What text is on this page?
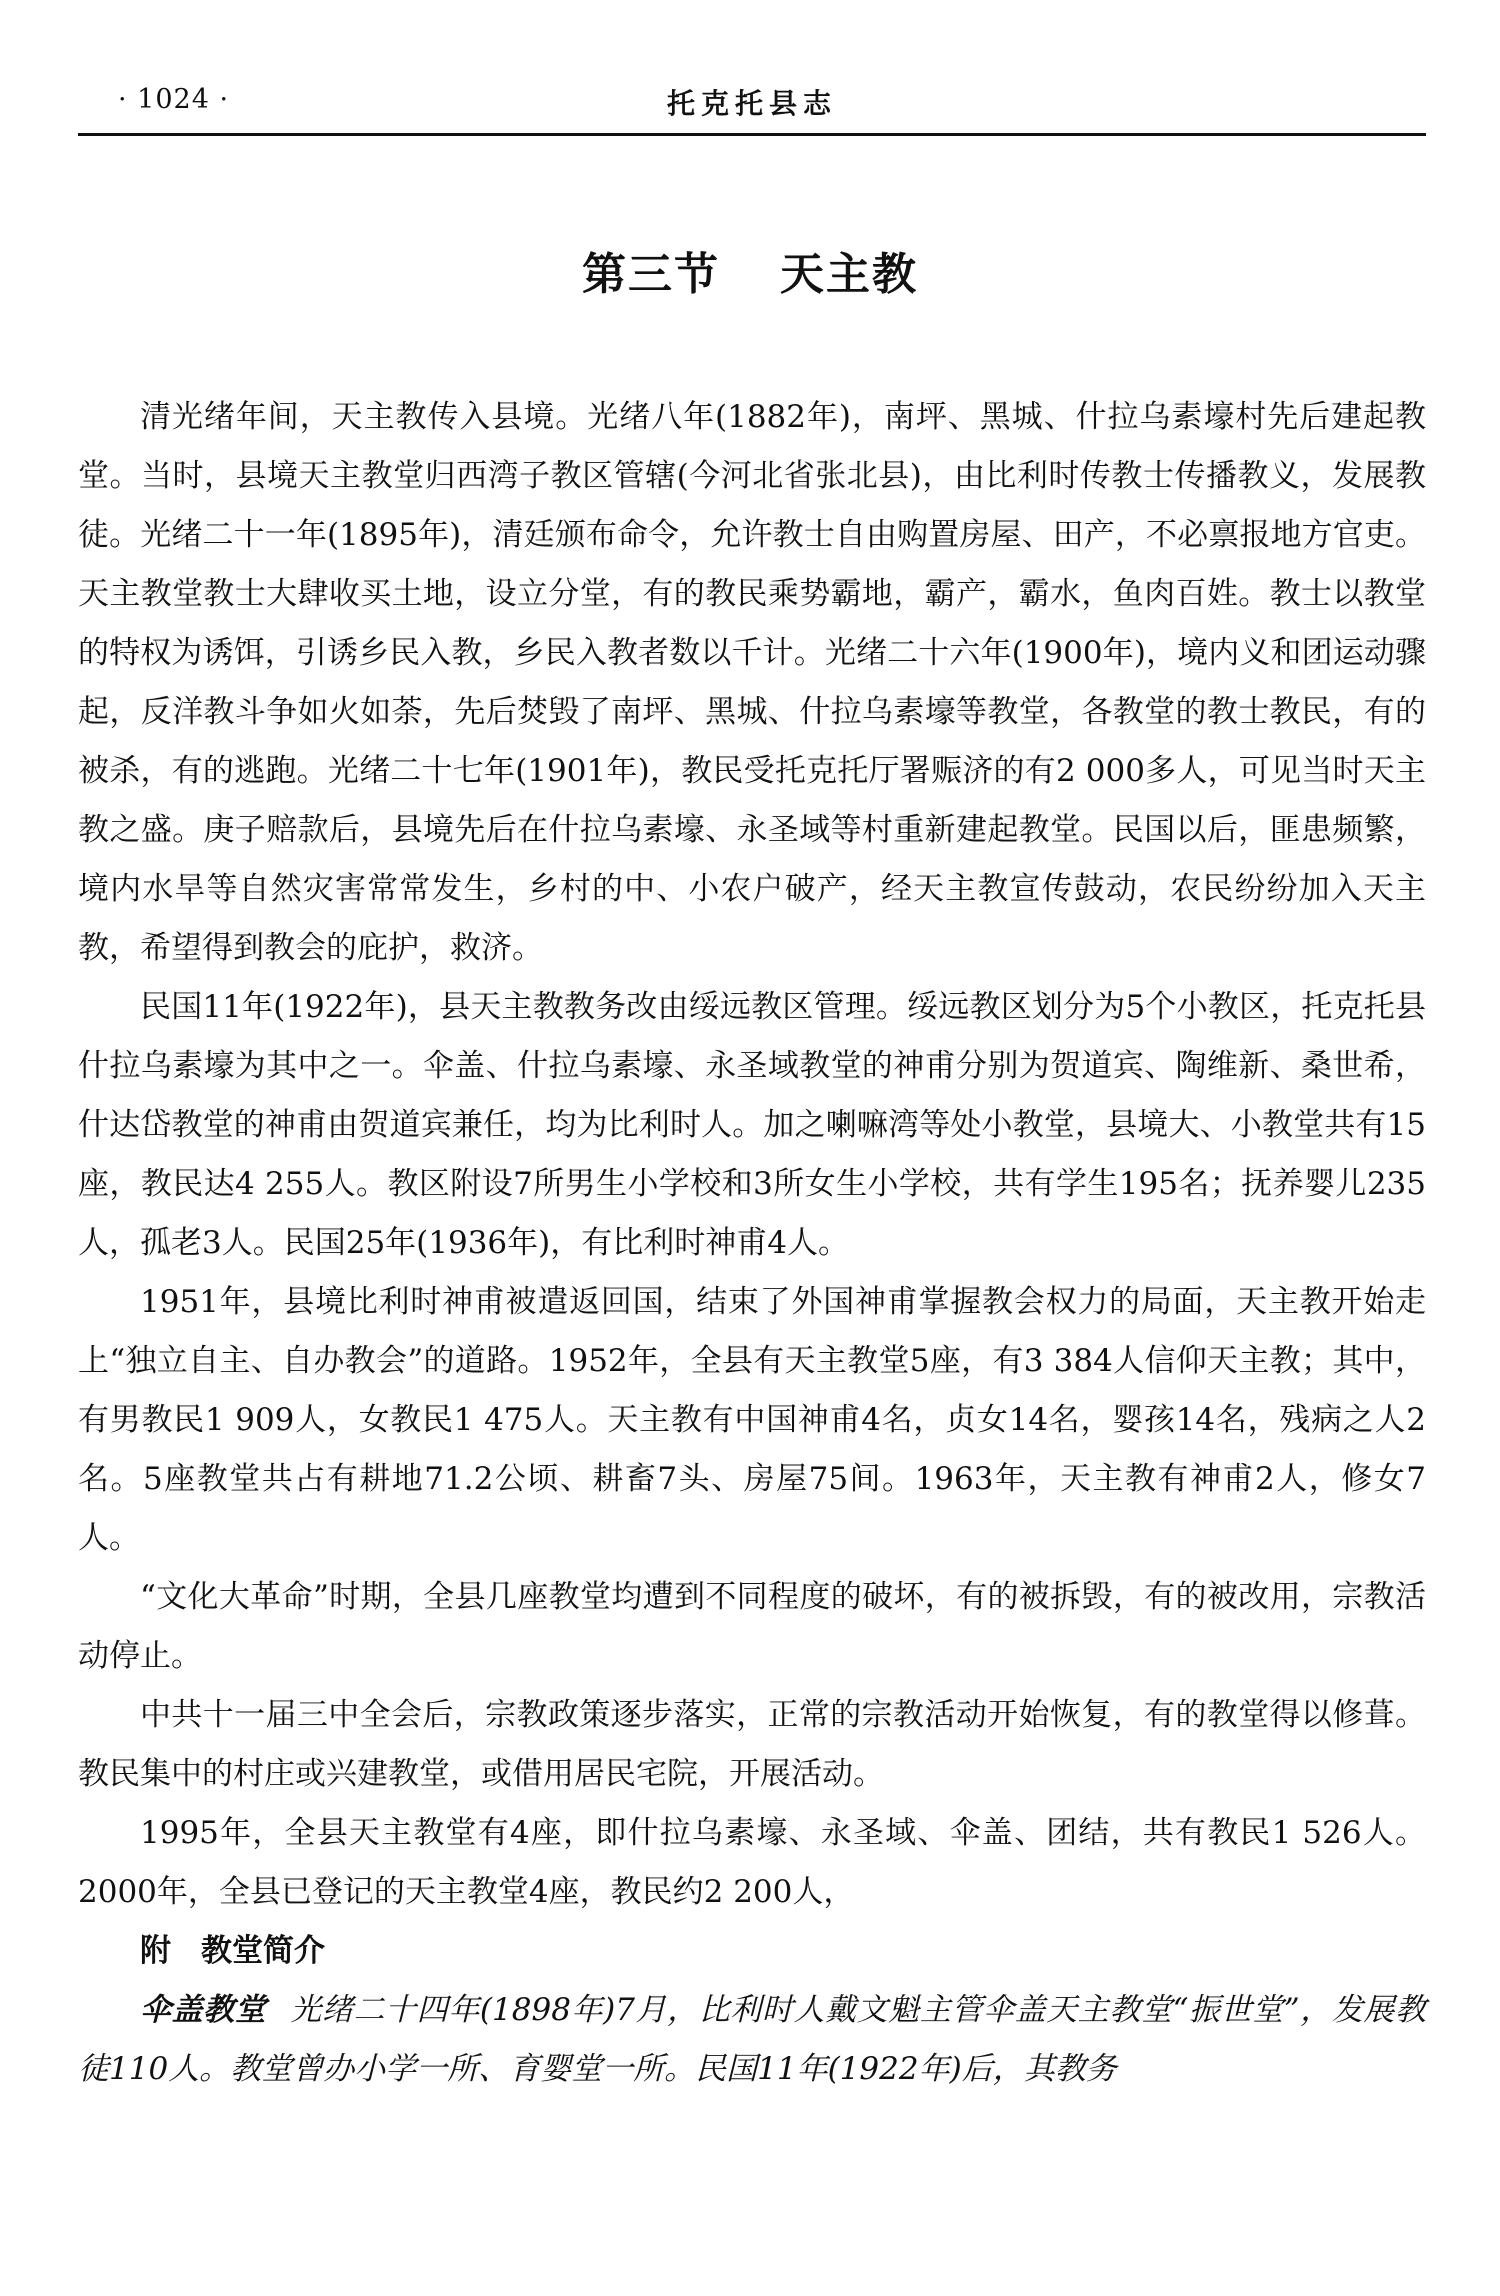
· 1024 ·	托克托县志
第三节 天主教

清光绪年间，天主教传入县境。光绪八年(1882年)，南坪、黑城、什拉乌素壕村先后建起教堂。当时，县境天主教堂归西湾子教区管辖(今河北省张北县)，由比利时传教士传播教义，发展教徒。光绪二十一年(1895年)，清廷颁布命令，允许教士自由购置房屋、田产，不必禀报地方官吏。天主教堂教士大肆收买土地，设立分堂，有的教民乘势霸地，霸产，霸水，鱼肉百姓。教士以教堂的特权为诱饵，引诱乡民入教，乡民入教者数以千计。光绪二十六年(1900年)，境内义和团运动骤起，反洋教斗争如火如荼，先后焚毁了南坪、黑城、什拉乌素壕等教堂，各教堂的教士教民，有的被杀，有的逃跑。光绪二十七年(1901年)，教民受托克托厅署赈济的有2 000多人，可见当时天主教之盛。庚子赔款后，县境先后在什拉乌素壕、永圣域等村重新建起教堂。民国以后，匪患频繁，境内水旱等自然灾害常常发生，乡村的中、小农户破产，经天主教宣传鼓动，农民纷纷加入天主教，希望得到教会的庇护，救济。

民国11年(1922年)，县天主教教务改由绥远教区管理。绥远教区划分为5个小教区，托克托县什拉乌素壕为其中之一。伞盖、什拉乌素壕、永圣域教堂的神甫分别为贺道宾、陶维新、桑世希，什达岱教堂的神甫由贺道宾兼任，均为比利时人。加之喇嘛湾等处小教堂，县境大、小教堂共有15座，教民达4 255人。教区附设7所男生小学校和3所女生小学校，共有学生195名；抚养婴儿235人，孤老3人。民国25年(1936年)，有比利时神甫4人。

1951年，县境比利时神甫被遣返回国，结束了外国神甫掌握教会权力的局面，天主教开始走上“独立自主、自办教会”的道路。1952年，全县有天主教堂5座，有3 384人信仰天主教；其中，有男教民1 909人，女教民1 475人。天主教有中国神甫4名，贞女14名，婴孩14名，残病之人2名。5座教堂共占有耕地71.2公顷、耕畜7头、房屋75间。1963年，天主教有神甫2人，修女7人。

“文化大革命”时期，全县几座教堂均遭到不同程度的破坏，有的被拆毁，有的被改用，宗教活动停止。

中共十一届三中全会后，宗教政策逐步落实，正常的宗教活动开始恢复，有的教堂得以修葺。教民集中的村庄或兴建教堂，或借用居民宅院，开展活动。

1995年，全县天主教堂有4座，即什拉乌素壕、永圣域、伞盖、团结，共有教民1 526人。2000年，全县已登记的天主教堂4座，教民约2 200人，

附 教堂简介

伞盖教堂 光绪二十四年(1898年)7月，比利时人戴文魁主管伞盖天主教堂“振世堂”，发展教徒110人。教堂曾办小学一所、育婴堂一所。民国11年(1922年)后，其教务
